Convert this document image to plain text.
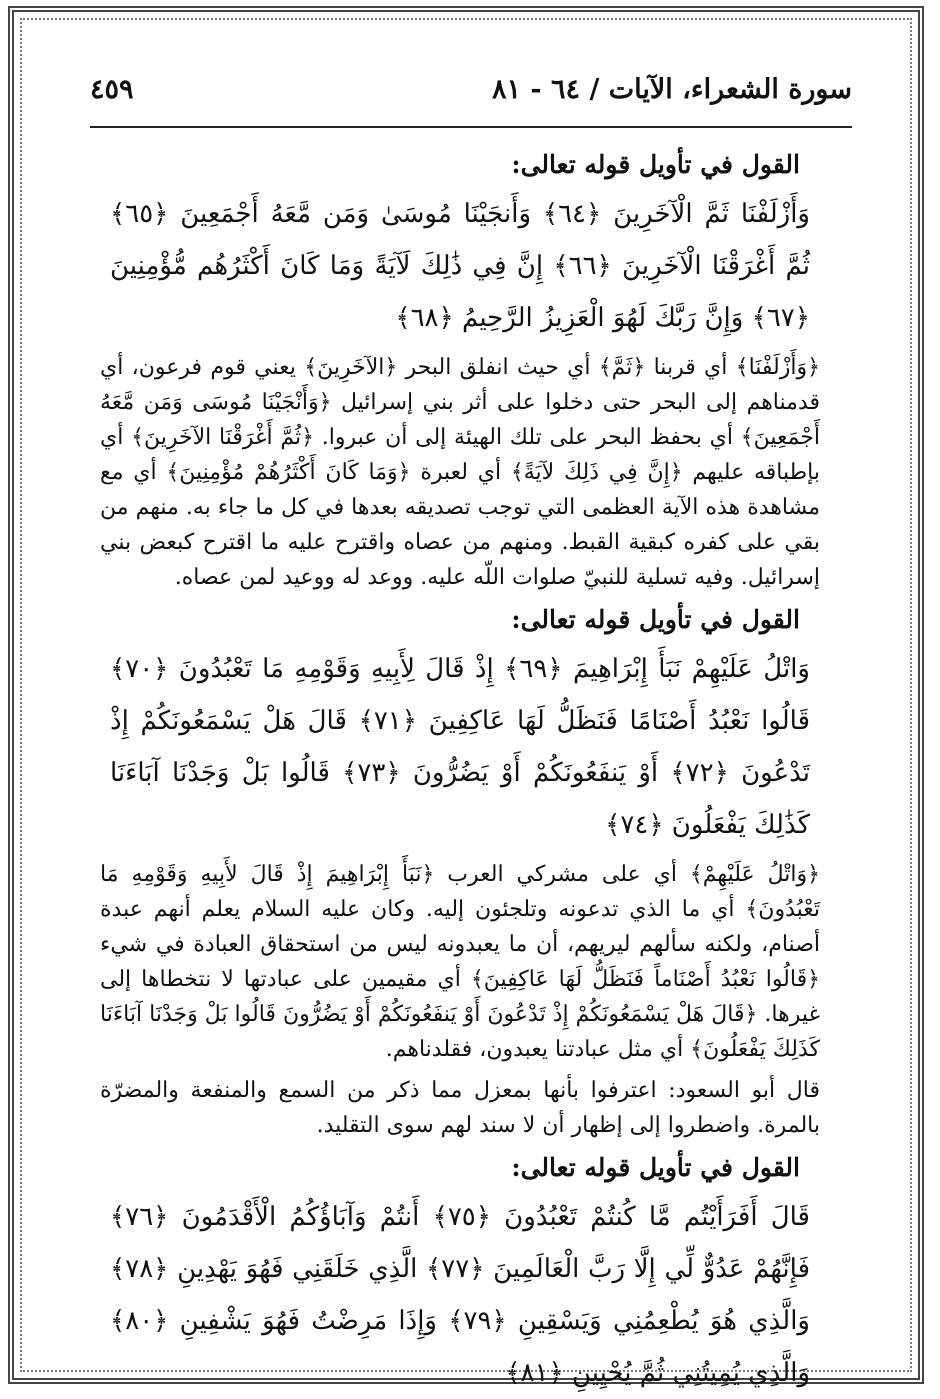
سورة الشعراء، الآيات / ٦٤ - ٨١
٤٥٩
القول في تأويل قوله تعالى:
وَأَزْلَفْنَا ثَمَّ الْآخَرِينَ ﴿٦٤﴾ وَأَنجَيْنَا مُوسَىٰ وَمَن مَّعَهُ أَجْمَعِينَ ﴿٦٥﴾ ثُمَّ أَغْرَقْنَا الْآخَرِينَ ﴿٦٦﴾ إِنَّ فِي ذَٰلِكَ لَآيَةً وَمَا كَانَ أَكْثَرُهُم مُّؤْمِنِينَ ﴿٦٧﴾ وَإِنَّ رَبَّكَ لَهُوَ الْعَزِيزُ الرَّحِيمُ ﴿٦٨﴾
﴿وَأَزْلَفْنَا﴾ أي قربنا ﴿ثَمَّ﴾ أي حيث انفلق البحر ﴿الآخَرِينَ﴾ يعني قوم فرعون، أي قدمناهم إلى البحر حتى دخلوا على أثر بني إسرائيل ﴿وَأَنْجَيْنَا مُوسَى وَمَن مَّعَهُ أَجْمَعِينَ﴾ أي بحفظ البحر على تلك الهيئة إلى أن عبروا. ﴿ثُمَّ أَغْرَقْنَا الآخَرِينَ﴾ أي بإطباقه عليهم ﴿إِنَّ فِي ذَلِكَ لآيَةً﴾ أي لعبرة ﴿وَمَا كَانَ أَكْثَرُهُمْ مُؤْمِنِينَ﴾ أي مع مشاهدة هذه الآية العظمى التي توجب تصديقه بعدها في كل ما جاء به. منهم من بقي على كفره كبقية القبط. ومنهم من عصاه واقترح عليه ما اقترح كبعض بني إسرائيل. وفيه تسلية للنبيّ صلوات اللّه عليه. ووعد له ووعيد لمن عصاه.
القول في تأويل قوله تعالى:
وَاتْلُ عَلَيْهِمْ نَبَأَ إِبْرَاهِيمَ ﴿٦٩﴾ إِذْ قَالَ لِأَبِيهِ وَقَوْمِهِ مَا تَعْبُدُونَ ﴿٧٠﴾ قَالُوا نَعْبُدُ أَصْنَامًا فَنَظَلُّ لَهَا عَاكِفِينَ ﴿٧١﴾ قَالَ هَلْ يَسْمَعُونَكُمْ إِذْ تَدْعُونَ ﴿٧٢﴾ أَوْ يَنفَعُونَكُمْ أَوْ يَضُرُّونَ ﴿٧٣﴾ قَالُوا بَلْ وَجَدْنَا آبَاءَنَا كَذَٰلِكَ يَفْعَلُونَ ﴿٧٤﴾
﴿وَاتْلُ عَلَيْهِمْ﴾ أي على مشركي العرب ﴿نَبَأَ إِبْرَاهِيمَ إِذْ قَالَ لأَبِيهِ وَقَوْمِهِ مَا تَعْبُدُونَ﴾ أي ما الذي تدعونه وتلجئون إليه. وكان عليه السلام يعلم أنهم عبدة أصنام، ولكنه سألهم ليريهم، أن ما يعبدونه ليس من استحقاق العبادة في شيء ﴿قَالُوا نَعْبُدُ أَصْنَاماً فَنَظَلُّ لَهَا عَاكِفِينَ﴾ أي مقيمين على عبادتها لا نتخطاها إلى غيرها. ﴿قَالَ هَلْ يَسْمَعُونَكُمْ إِذْ تَدْعُونَ أَوْ يَنفَعُونَكُمْ أَوْ يَضُرُّونَ قَالُوا بَلْ وَجَدْنَا آبَاءَنَا كَذَلِكَ يَفْعَلُونَ﴾ أي مثل عبادتنا يعبدون، فقلدناهم.
قال أبو السعود: اعترفوا بأنها بمعزل مما ذكر من السمع والمنفعة والمضرّة بالمرة. واضطروا إلى إظهار أن لا سند لهم سوى التقليد.
القول في تأويل قوله تعالى:
قَالَ أَفَرَأَيْتُم مَّا كُنتُمْ تَعْبُدُونَ ﴿٧٥﴾ أَنتُمْ وَآبَاؤُكُمُ الْأَقْدَمُونَ ﴿٧٦﴾ فَإِنَّهُمْ عَدُوٌّ لِّي إِلَّا رَبَّ الْعَالَمِينَ ﴿٧٧﴾ الَّذِي خَلَقَنِي فَهُوَ يَهْدِينِ ﴿٧٨﴾ وَالَّذِي هُوَ يُطْعِمُنِي وَيَسْقِينِ ﴿٧٩﴾ وَإِذَا مَرِضْتُ فَهُوَ يَشْفِينِ ﴿٨٠﴾ وَالَّذِي يُمِيتُنِي ثُمَّ يُحْيِينِ ﴿٨١﴾
